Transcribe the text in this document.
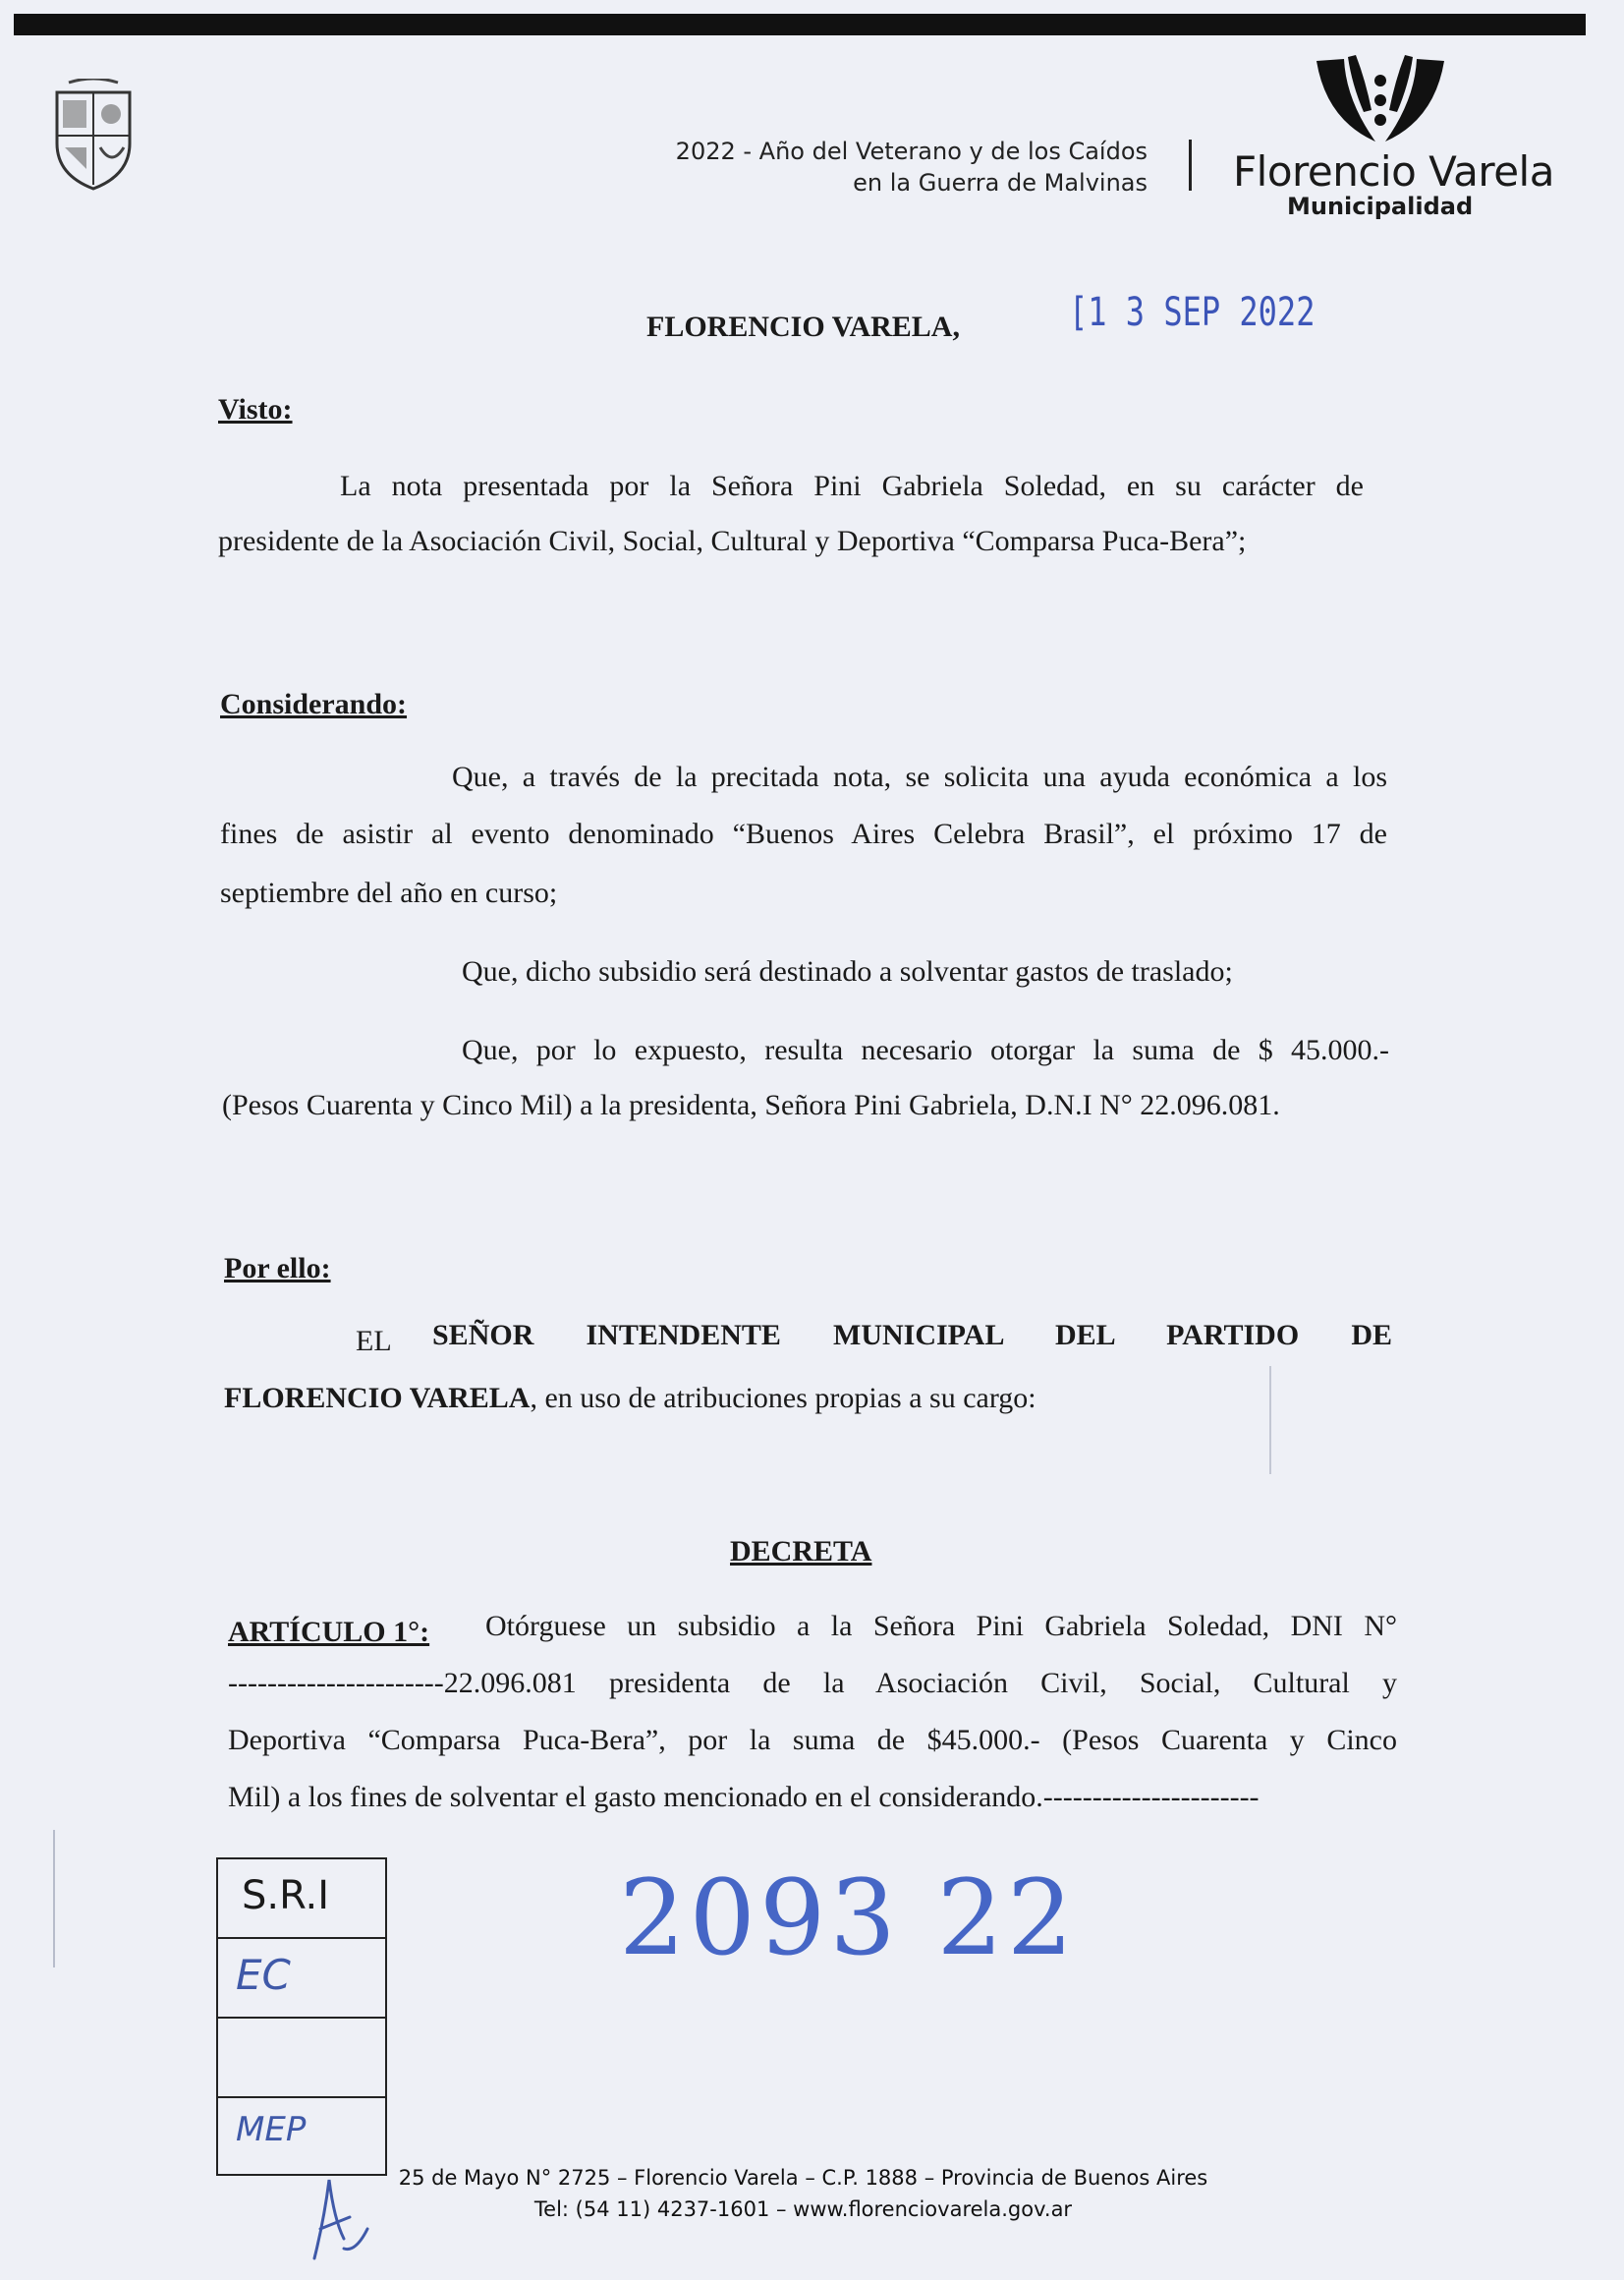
2022 - Año del Veterano y de los Caídos
en la Guerra de Malvinas Florencio Varela
Municipalidad
FLORENCIO VARELA,	[1 3 SEP 2022
Visto:
La nota presentada por la Señora Pini Gabriela Soledad, en su carácter de
presidente de la Asociación Civil, Social, Cultural y Deportiva “Comparsa Puca-Bera”;
Considerando:
Que, a través de la precitada nota, se solicita una ayuda económica a los
fines de asistir al evento denominado “Buenos Aires Celebra Brasil”, el próximo 17 de
septiembre del año en curso;
Que, dicho subsidio será destinado a solventar gastos de traslado;
Que, por lo expuesto, resulta necesario otorgar la suma de $ 45.000.-
(Pesos Cuarenta y Cinco Mil) a la presidenta, Señora Pini Gabriela, D.N.I N° 22.096.081.
Por ello:
EL SEÑOR INTENDENTE MUNICIPAL DEL PARTIDO DE
FLORENCIO VARELA, en uso de atribuciones propias a su cargo:
DECRETA
ARTÍCULO 1°: Otórguese un subsidio a la Señora Pini Gabriela Soledad, DNI N°
----------------------22.096.081 presidenta de la Asociación Civil, Social, Cultural y
Deportiva “Comparsa Puca-Bera”, por la suma de $45.000.- (Pesos Cuarenta y Cinco
Mil) a los fines de solventar el gasto mencionado en el considerando.----------------------
2093 22
S.R.I
EC
MEP
25 de Mayo N° 2725 – Florencio Varela – C.P. 1888 – Provincia de Buenos Aires
Tel: (54 11) 4237-1601 – www.florenciovarela.gov.ar
